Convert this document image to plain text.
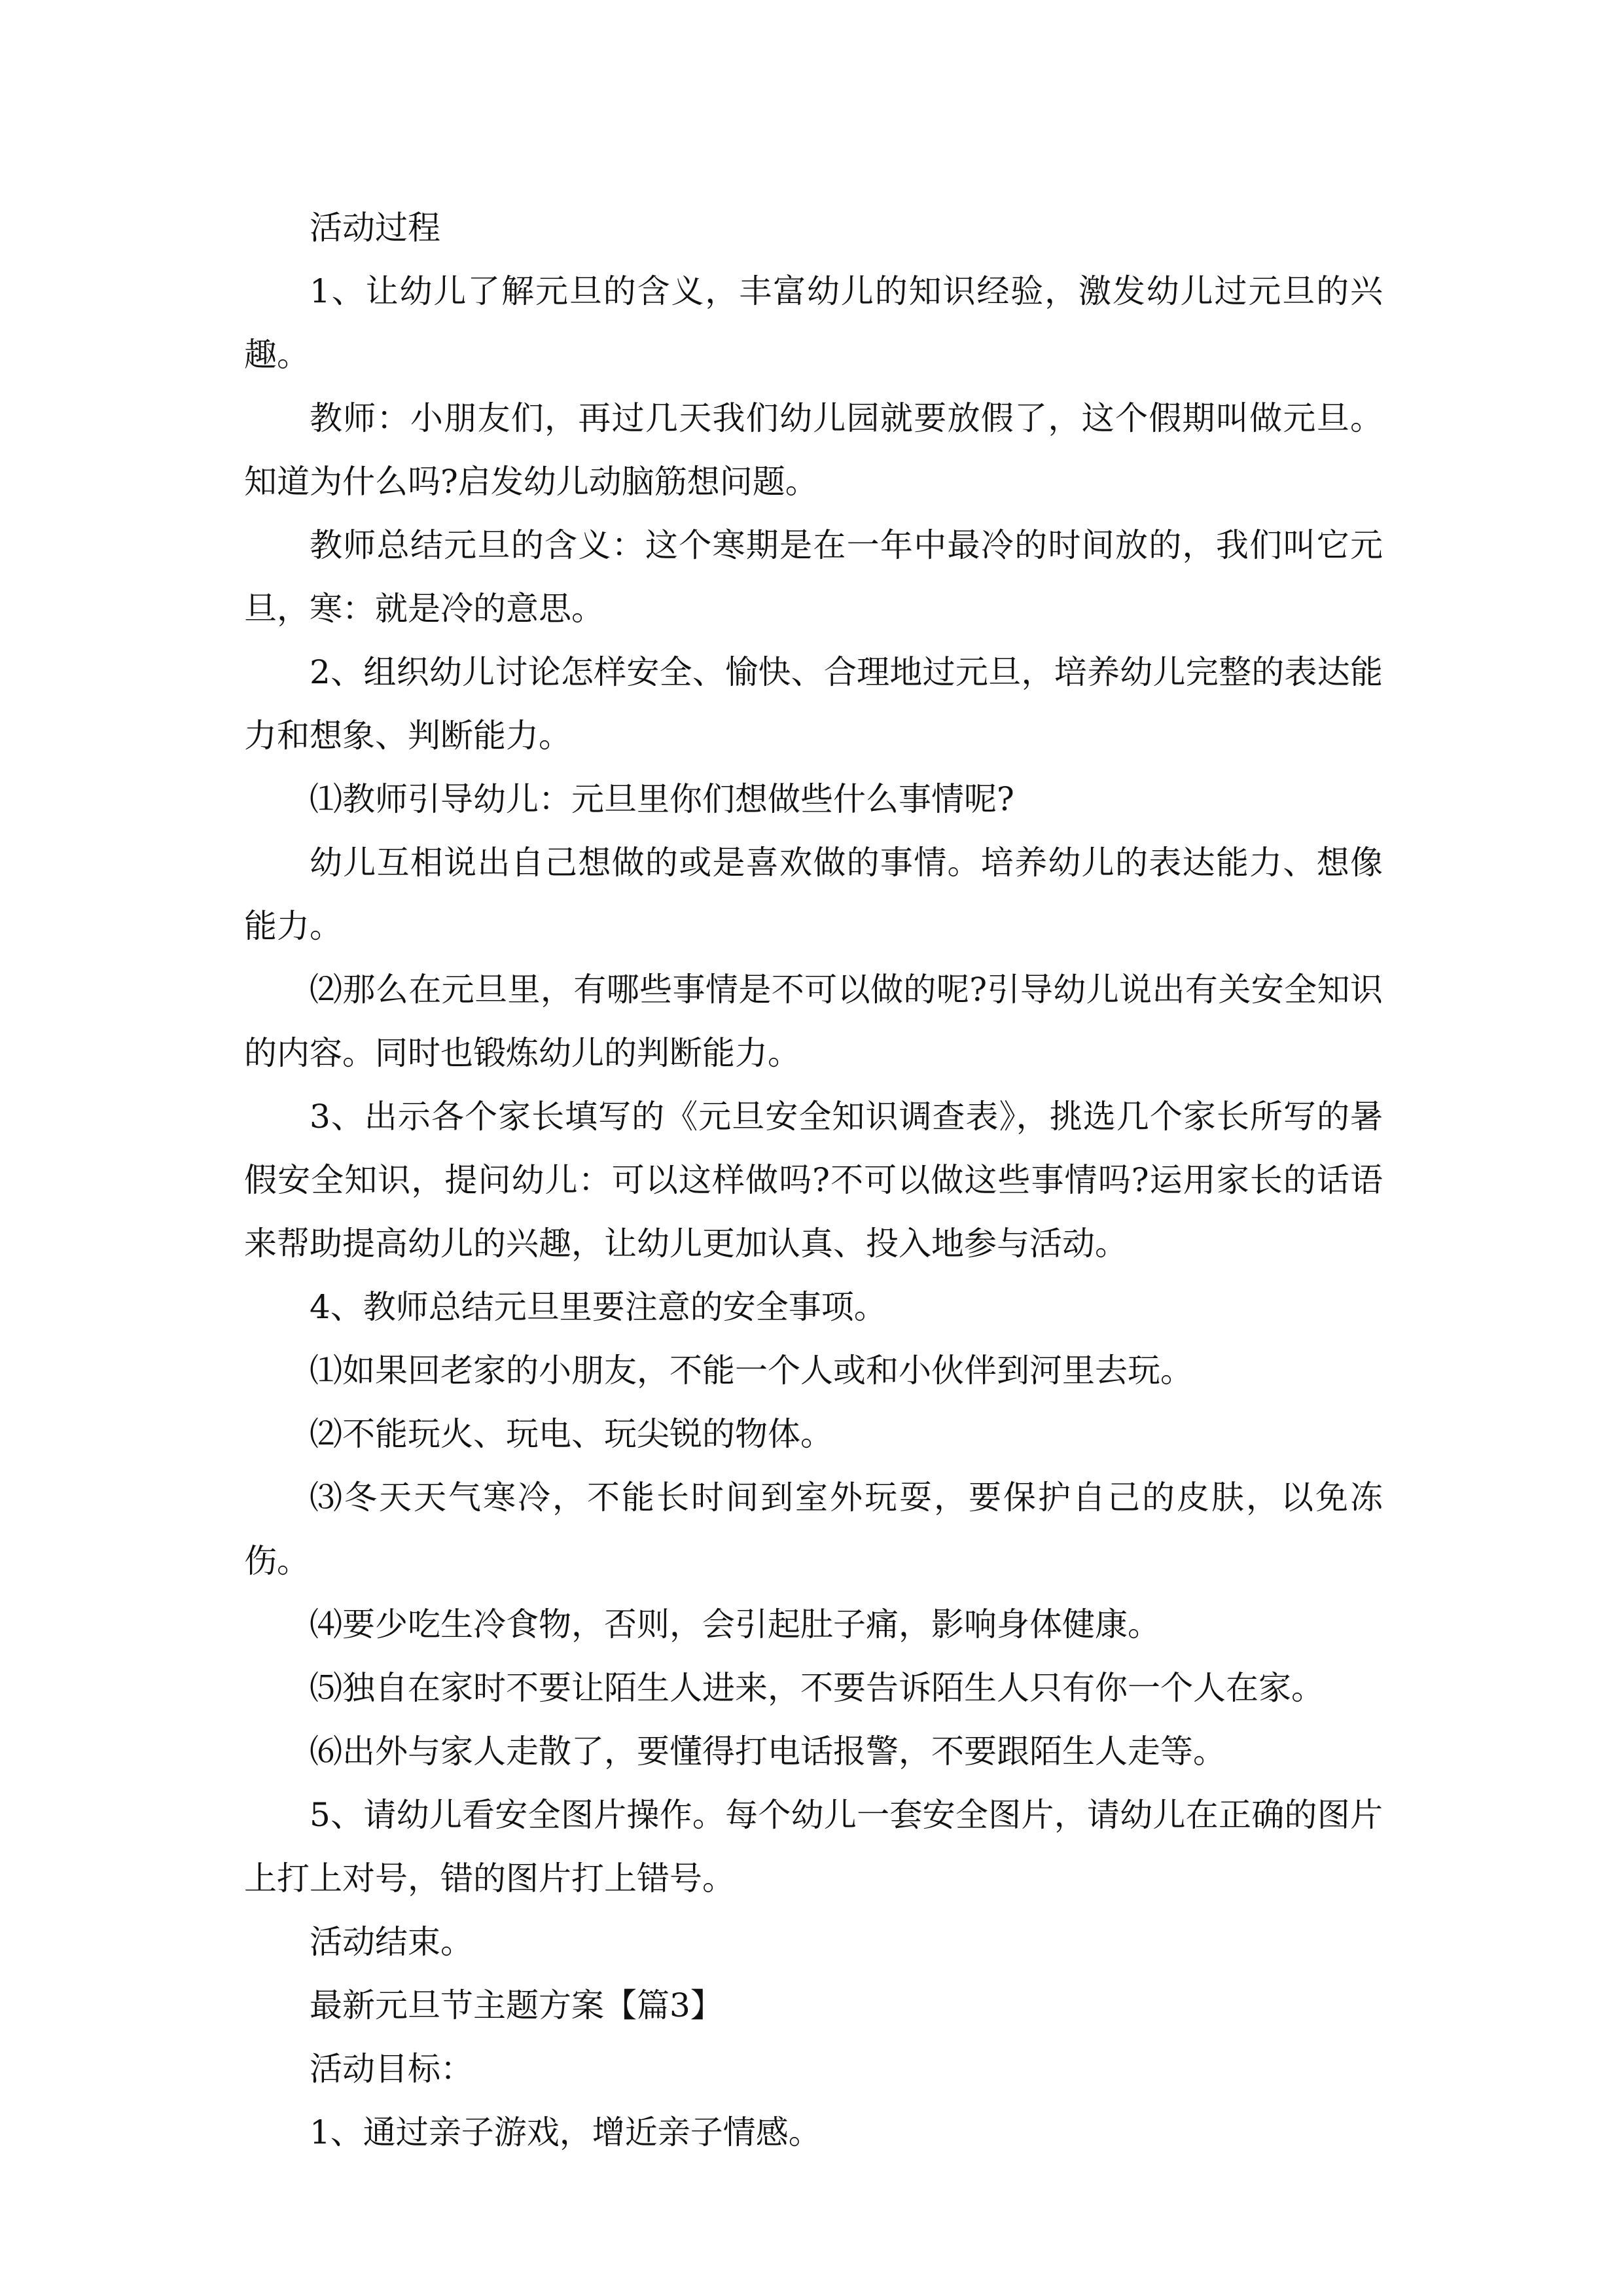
活动过程

1、让幼儿了解元旦的含义，丰富幼儿的知识经验，激发幼儿过元旦的兴趣。

教师：小朋友们，再过几天我们幼儿园就要放假了，这个假期叫做元旦。知道为什么吗?启发幼儿动脑筋想问题。

教师总结元旦的含义：这个寒期是在一年中最冷的时间放的，我们叫它元旦，寒：就是冷的意思。

2、组织幼儿讨论怎样安全、愉快、合理地过元旦，培养幼儿完整的表达能力和想象、判断能力。

⑴教师引导幼儿：元旦里你们想做些什么事情呢?

幼儿互相说出自己想做的或是喜欢做的事情。培养幼儿的表达能力、想像能力。

⑵那么在元旦里，有哪些事情是不可以做的呢?引导幼儿说出有关安全知识的内容。同时也锻炼幼儿的判断能力。

3、出示各个家长填写的《元旦安全知识调查表》，挑选几个家长所写的暑假安全知识，提问幼儿：可以这样做吗?不可以做这些事情吗?运用家长的话语来帮助提高幼儿的兴趣，让幼儿更加认真、投入地参与活动。

4、教师总结元旦里要注意的安全事项。

⑴如果回老家的小朋友，不能一个人或和小伙伴到河里去玩。

⑵不能玩火、玩电、玩尖锐的物体。

⑶冬天天气寒冷，不能长时间到室外玩耍，要保护自己的皮肤，以免冻伤。

⑷要少吃生冷食物，否则，会引起肚子痛，影响身体健康。

⑸独自在家时不要让陌生人进来，不要告诉陌生人只有你一个人在家。

⑹出外与家人走散了，要懂得打电话报警，不要跟陌生人走等。

5、请幼儿看安全图片操作。每个幼儿一套安全图片，请幼儿在正确的图片上打上对号，错的图片打上错号。

活动结束。

最新元旦节主题方案【篇3】

活动目标：

1、通过亲子游戏，增近亲子情感。
